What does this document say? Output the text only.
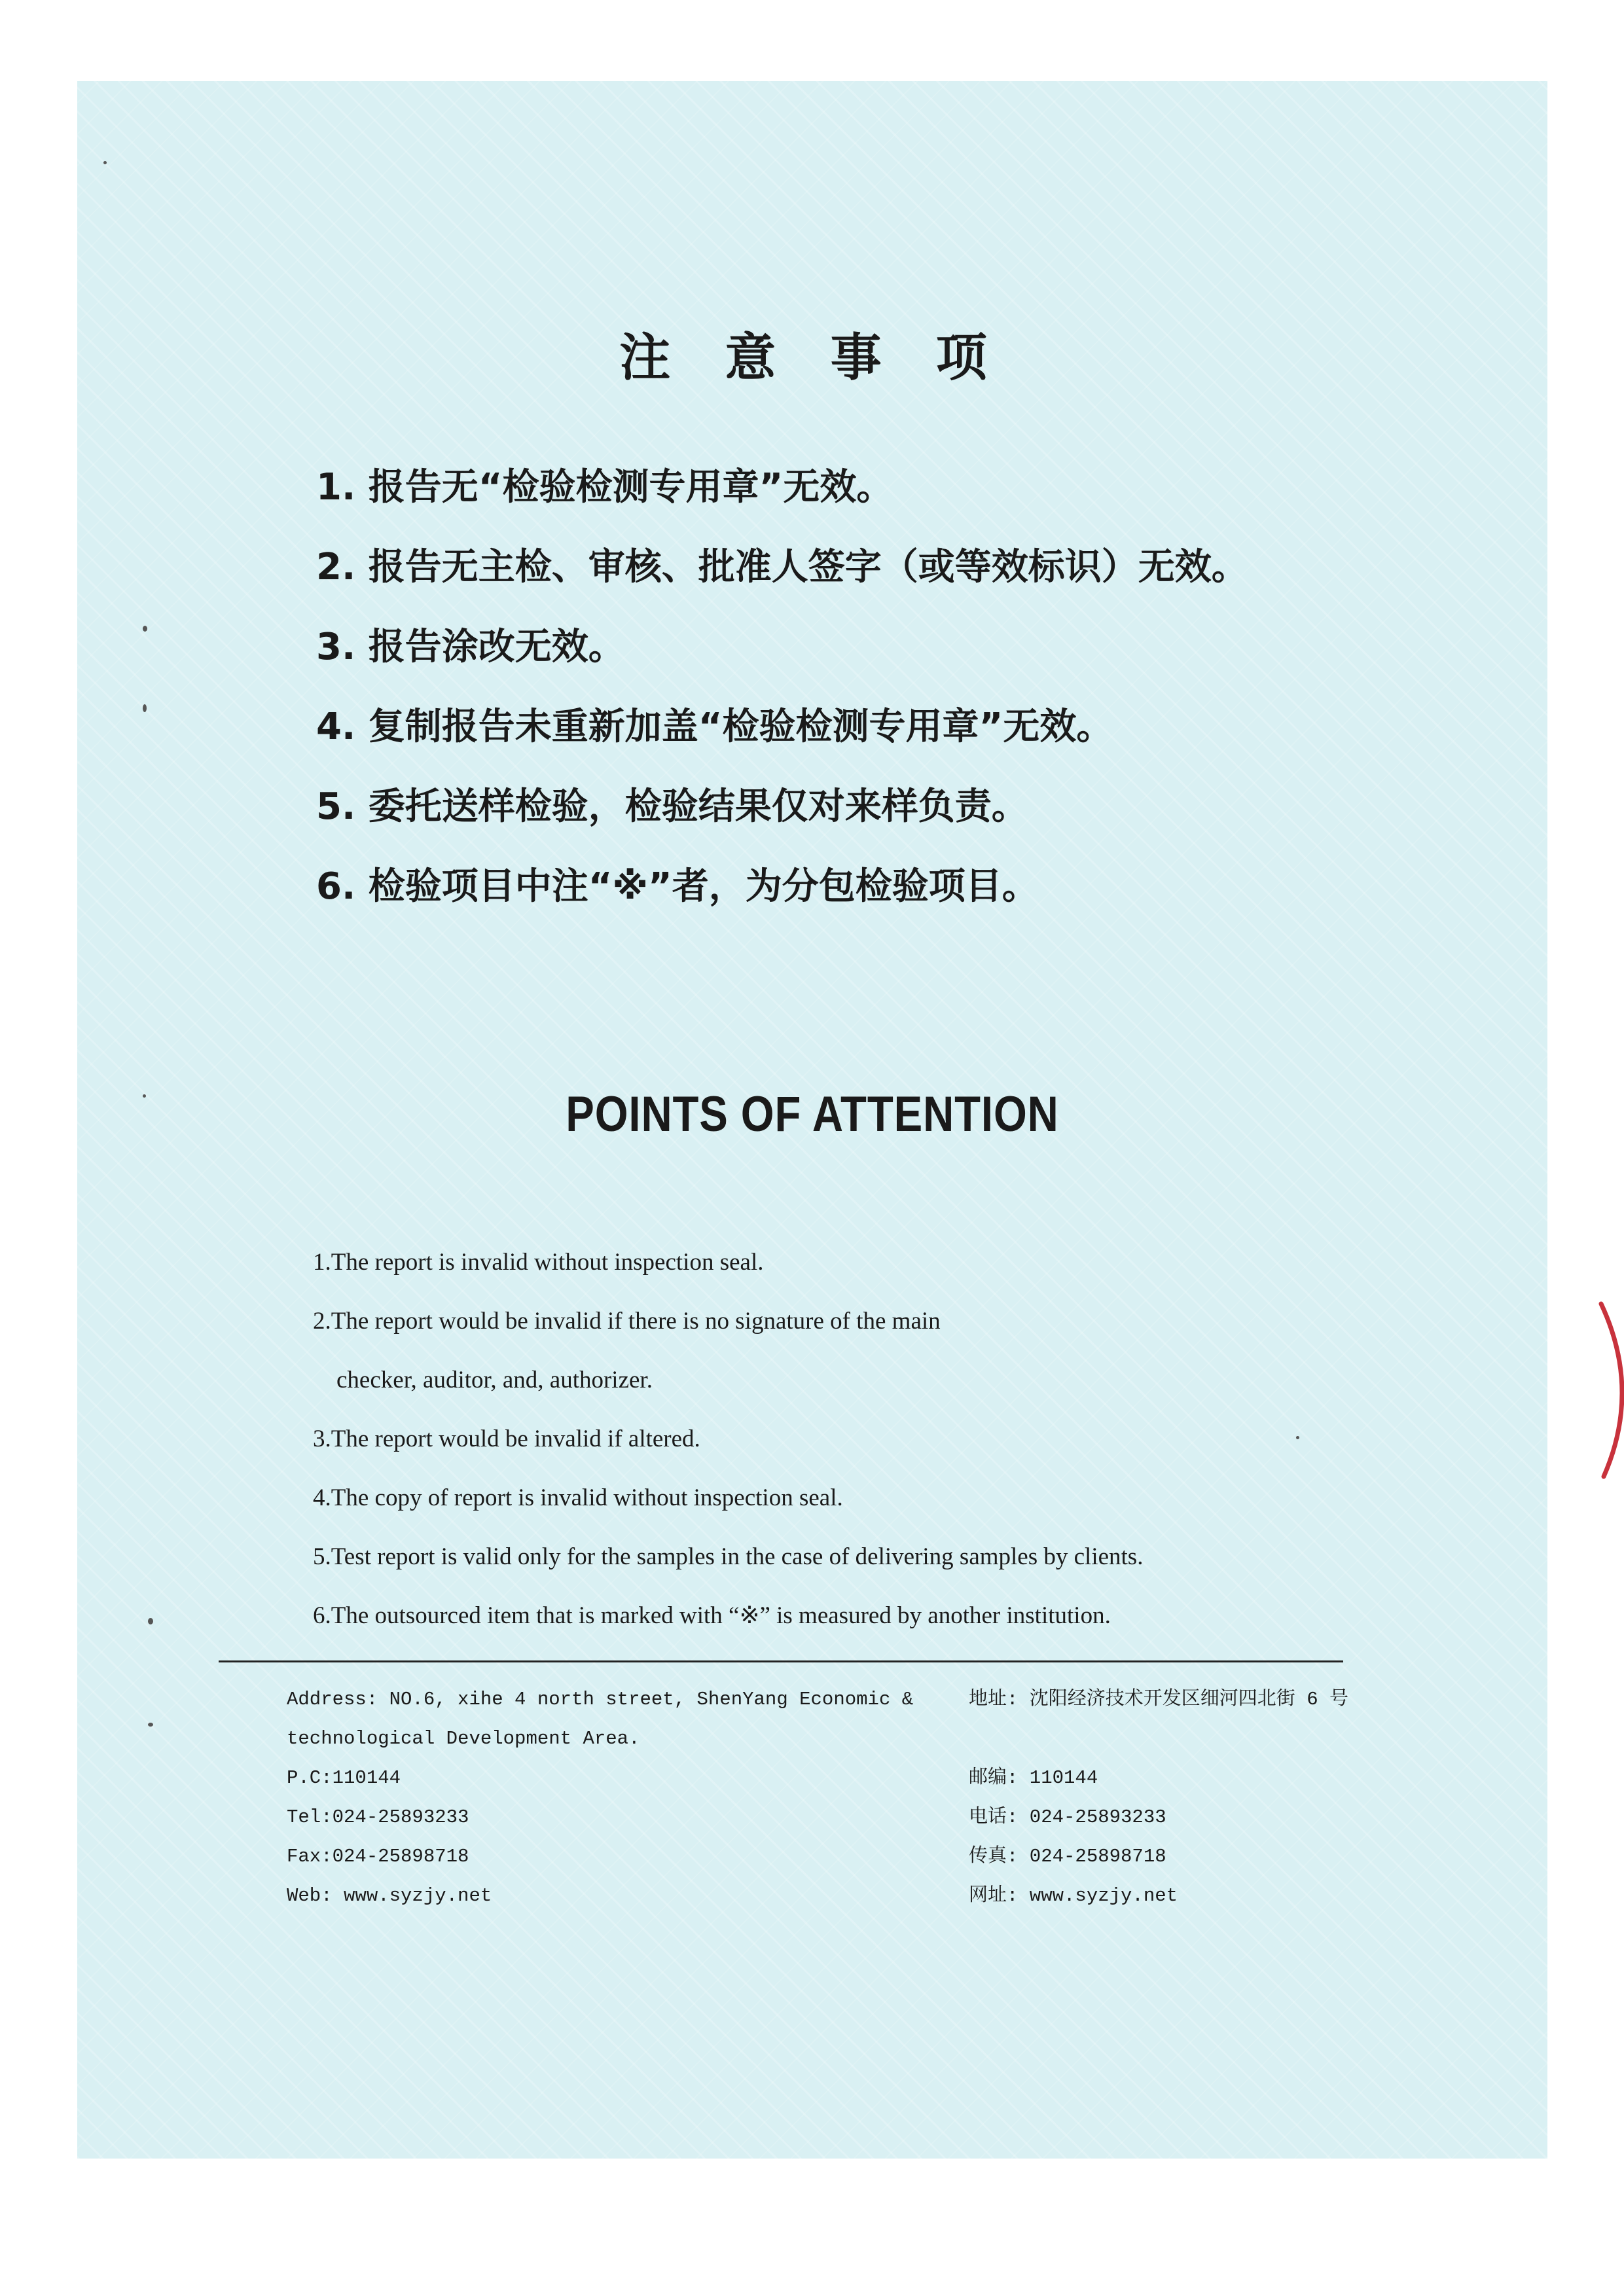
注 意 事 项
1. 报告无“检验检测专用章”无效。
2. 报告无主检、审核、批准人签字（或等效标识）无效。
3. 报告涂改无效。
4. 复制报告未重新加盖“检验检测专用章”无效。
5. 委托送样检验，检验结果仅对来样负责。
6. 检验项目中注“※”者，为分包检验项目。
POINTS OF ATTENTION
1.The report is invalid without inspection seal.
2.The report would be invalid if there is no signature of the main
checker, auditor, and, authorizer.
3.The report would be invalid if altered.
4.The copy of report is invalid without inspection seal.
5.Test report is valid only for the samples in the case of delivering samples by clients.
6.The outsourced item that is marked with “※” is measured by another institution.
Address: NO.6, xihe 4 north street, ShenYang Economic &
technological Development Area.
P.C:110144
Tel:024-25893233
Fax:024-25898718
Web: www.syzjy.net
地址: 沈阳经济技术开发区细河四北街 6 号
邮编: 110144
电话: 024-25893233
传真: 024-25898718
网址: www.syzjy.net
